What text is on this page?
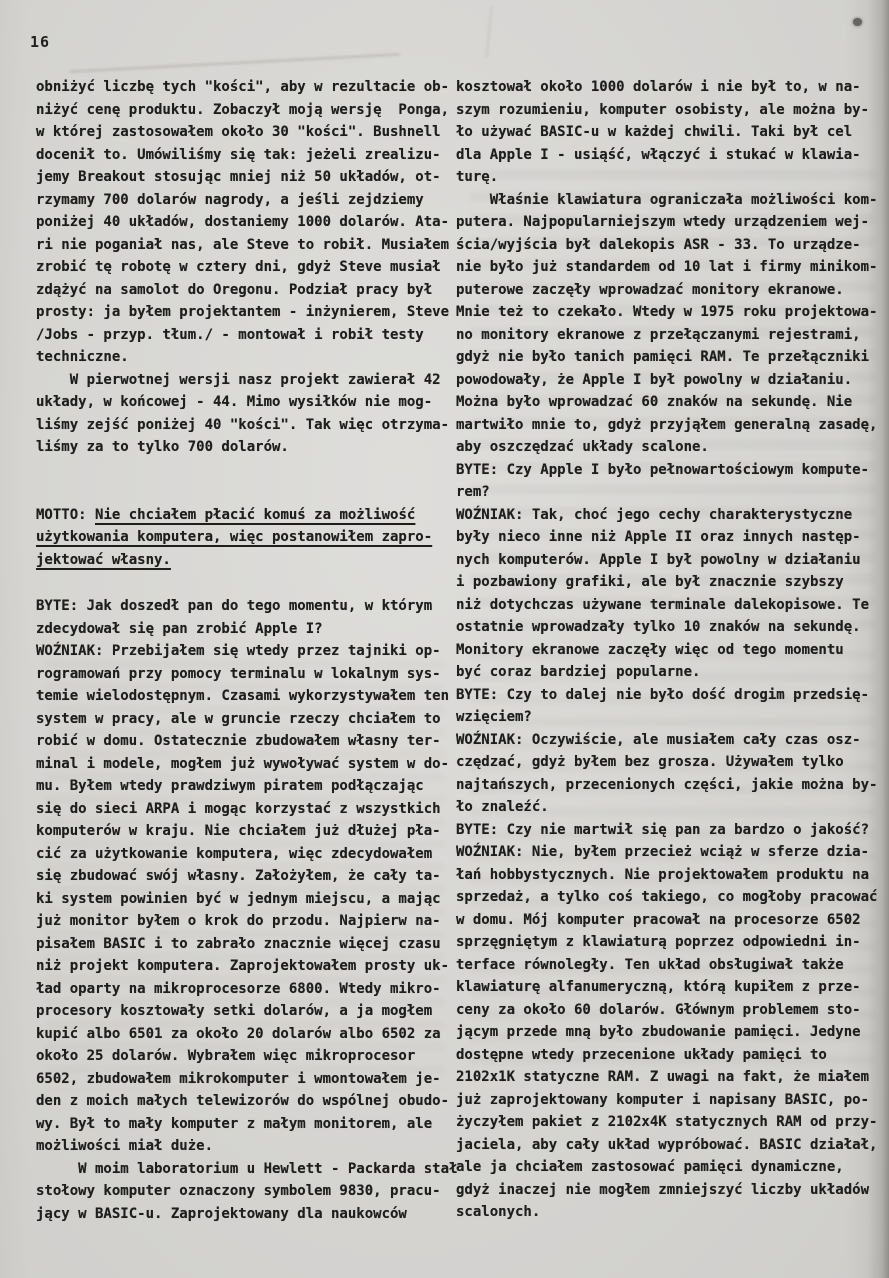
16
obniżyć liczbę tych "kości", aby w rezultacie ob-
niżyć cenę produktu. Zobaczył moją wersję  Ponga,
w której zastosowałem około 30 "kości". Bushnell
docenił to. Umówiliśmy się tak: jeżeli zrealizu-
jemy Breakout stosując mniej niż 50 układów, ot-
rzymamy 700 dolarów nagrody, a jeśli zejdziemy
poniżej 40 układów, dostaniemy 1000 dolarów. Ata-
ri nie poganiał nas, ale Steve to robił. Musiałem
zrobić tę robotę w cztery dni, gdyż Steve musiał
zdążyć na samolot do Oregonu. Podział pracy był
prosty: ja byłem projektantem - inżynierem, Steve
/Jobs - przyp. tłum./ - montował i robił testy
techniczne.
W pierwotnej wersji nasz projekt zawierał 42
układy, w końcowej - 44. Mimo wysiłków nie mog-
liśmy zejść poniżej 40 "kości". Tak więc otrzyma-
liśmy za to tylko 700 dolarów.
MOTTO: Nie chciałem płacić komuś za możliwość
użytkowania komputera, więc postanowiłem zapro-
jektować własny.
BYTE: Jak doszedł pan do tego momentu, w którym
zdecydował się pan zrobić Apple I?
WOŹNIAK: Przebijałem się wtedy przez tajniki op-
rogramowań przy pomocy terminalu w lokalnym sys-
temie wielodostępnym. Czasami wykorzystywałem ten
system w pracy, ale w gruncie rzeczy chciałem to
robić w domu. Ostatecznie zbudowałem własny ter-
minal i modele, mogłem już wywoływać system w do-
mu. Byłem wtedy prawdziwym piratem podłączając
się do sieci ARPA i mogąc korzystać z wszystkich
komputerów w kraju. Nie chciałem już dłużej pła-
cić za użytkowanie komputera, więc zdecydowałem
się zbudować swój własny. Założyłem, że cały ta-
ki system powinien być w jednym miejscu, a mając
już monitor byłem o krok do przodu. Najpierw na-
pisałem BASIC i to zabrało znacznie więcej czasu
niż projekt komputera. Zaprojektowałem prosty uk-
ład oparty na mikroprocesorze 6800. Wtedy mikro-
procesory kosztowały setki dolarów, a ja mogłem
kupić albo 6501 za około 20 dolarów albo 6502 za
około 25 dolarów. Wybrałem więc mikroprocesor
6502, zbudowałem mikrokomputer i wmontowałem je-
den z moich małych telewizorów do wspólnej obudo-
wy. Był to mały komputer z małym monitorem, ale
możliwości miał duże.
W moim laboratorium u Hewlett - Packarda stał
stołowy komputer oznaczony symbolem 9830, pracu-
jący w BASIC-u. Zaprojektowany dla naukowców
kosztował około 1000 dolarów i nie był to, w na-
szym rozumieniu, komputer osobisty, ale można by-
ło używać BASIC-u w każdej chwili. Taki był cel
dla Apple I - usiąść, włączyć i stukać w klawia-
turę.
Właśnie klawiatura ograniczała możliwości kom-
putera. Najpopularniejszym wtedy urządzeniem wej-
ścia/wyjścia był dalekopis ASR - 33. To urządze-
nie było już standardem od 10 lat i firmy minikom-
puterowe zaczęły wprowadzać monitory ekranowe.
Mnie też to czekało. Wtedy w 1975 roku projektowa-
no monitory ekranowe z przełączanymi rejestrami,
gdyż nie było tanich pamięci RAM. Te przełączniki
powodowały, że Apple I był powolny w działaniu.
Można było wprowadzać 60 znaków na sekundę. Nie
martwiło mnie to, gdyż przyjąłem generalną zasadę,
aby oszczędzać układy scalone.
BYTE: Czy Apple I było pełnowartościowym kompute-
rem?
WOŹNIAK: Tak, choć jego cechy charakterystyczne
były nieco inne niż Apple II oraz innych następ-
nych komputerów. Apple I był powolny w działaniu
i pozbawiony grafiki, ale był znacznie szybszy
niż dotychczas używane terminale dalekopisowe. Te
ostatnie wprowadzały tylko 10 znaków na sekundę.
Monitory ekranowe zaczęły więc od tego momentu
być coraz bardziej popularne.
BYTE: Czy to dalej nie było dość drogim przedsię-
wzięciem?
WOŹNIAK: Oczywiście, ale musiałem cały czas osz-
czędzać, gdyż byłem bez grosza. Używałem tylko
najtańszych, przecenionych części, jakie można by-
ło znaleźć.
BYTE: Czy nie martwił się pan za bardzo o jakość?
WOŹNIAK: Nie, byłem przecież wciąż w sferze dzia-
łań hobbystycznych. Nie projektowałem produktu na
sprzedaż, a tylko coś takiego, co mogłoby pracować
w domu. Mój komputer pracował na procesorze 6502
sprzęgniętym z klawiaturą poprzez odpowiedni in-
terface równoległy. Ten układ obsługiwał także
klawiaturę alfanumeryczną, którą kupiłem z prze-
ceny za około 60 dolarów. Głównym problemem sto-
jącym przede mną było zbudowanie pamięci. Jedyne
dostępne wtedy przecenione układy pamięci to
2102x1K statyczne RAM. Z uwagi na fakt, że miałem
już zaprojektowany komputer i napisany BASIC, po-
życzyłem pakiet z 2102x4K statycznych RAM od przy-
jaciela, aby cały układ wypróbować. BASIC działał,
ale ja chciałem zastosować pamięci dynamiczne,
gdyż inaczej nie mogłem zmniejszyć liczby układów
scalonych.
